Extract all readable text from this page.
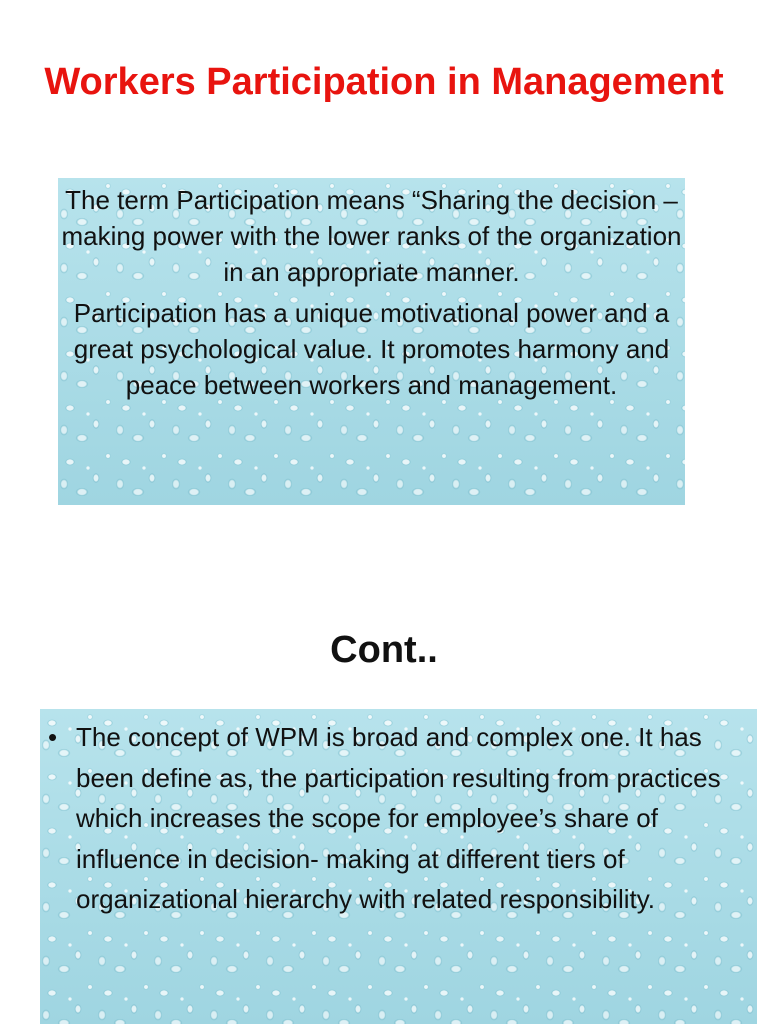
Workers Participation in Management

The term Participation means “Sharing the decision –making power with the lower ranks of the organization in an appropriate manner.

Participation has a unique motivational power and a great psychological value. It promotes harmony and peace between workers and management.

Cont..
• The concept of WPM is broad and complex one. It has been define as, the participation resulting from practices which increases the scope for employee’s share of influence in decision- making at different tiers of organizational hierarchy with related responsibility.
